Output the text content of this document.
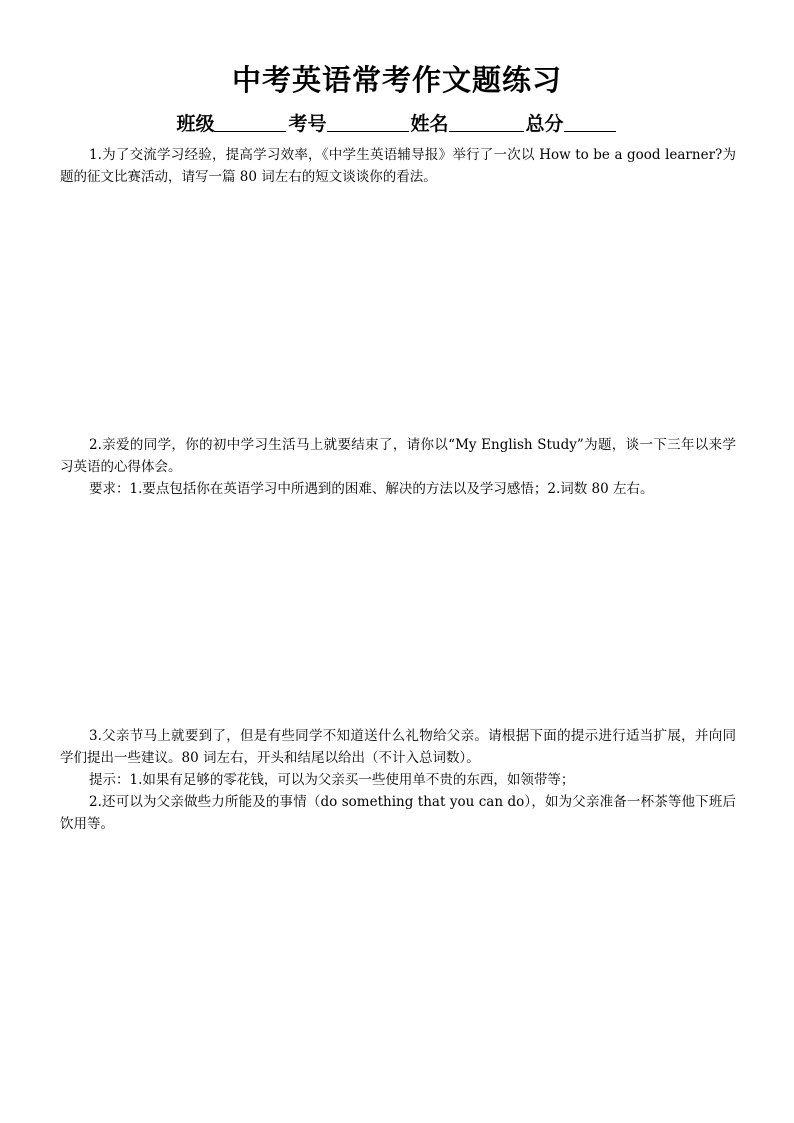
中考英语常考作文题练习
班级	考号	姓名	总分

1.为了交流学习经验，提高学习效率，《中学生英语辅导报》举行了一次以 How to be a good learner?为题的征文比赛活动，请写一篇 80 词左右的短文谈谈你的看法。

2.亲爱的同学，你的初中学习生活马上就要结束了，请你以“My English Study”为题，谈一下三年以来学习英语的心得体会。

要求：1.要点包括你在英语学习中所遇到的困难、解决的方法以及学习感悟；2.词数 80 左右。

3.父亲节马上就要到了，但是有些同学不知道送什么礼物给父亲。请根据下面的提示进行适当扩展，并向同学们提出一些建议。80 词左右，开头和结尾以给出（不计入总词数）。

提示：1.如果有足够的零花钱，可以为父亲买一些使用单不贵的东西，如领带等；

2.还可以为父亲做些力所能及的事情（do something that you can do），如为父亲准备一杯茶等他下班后饮用等。
